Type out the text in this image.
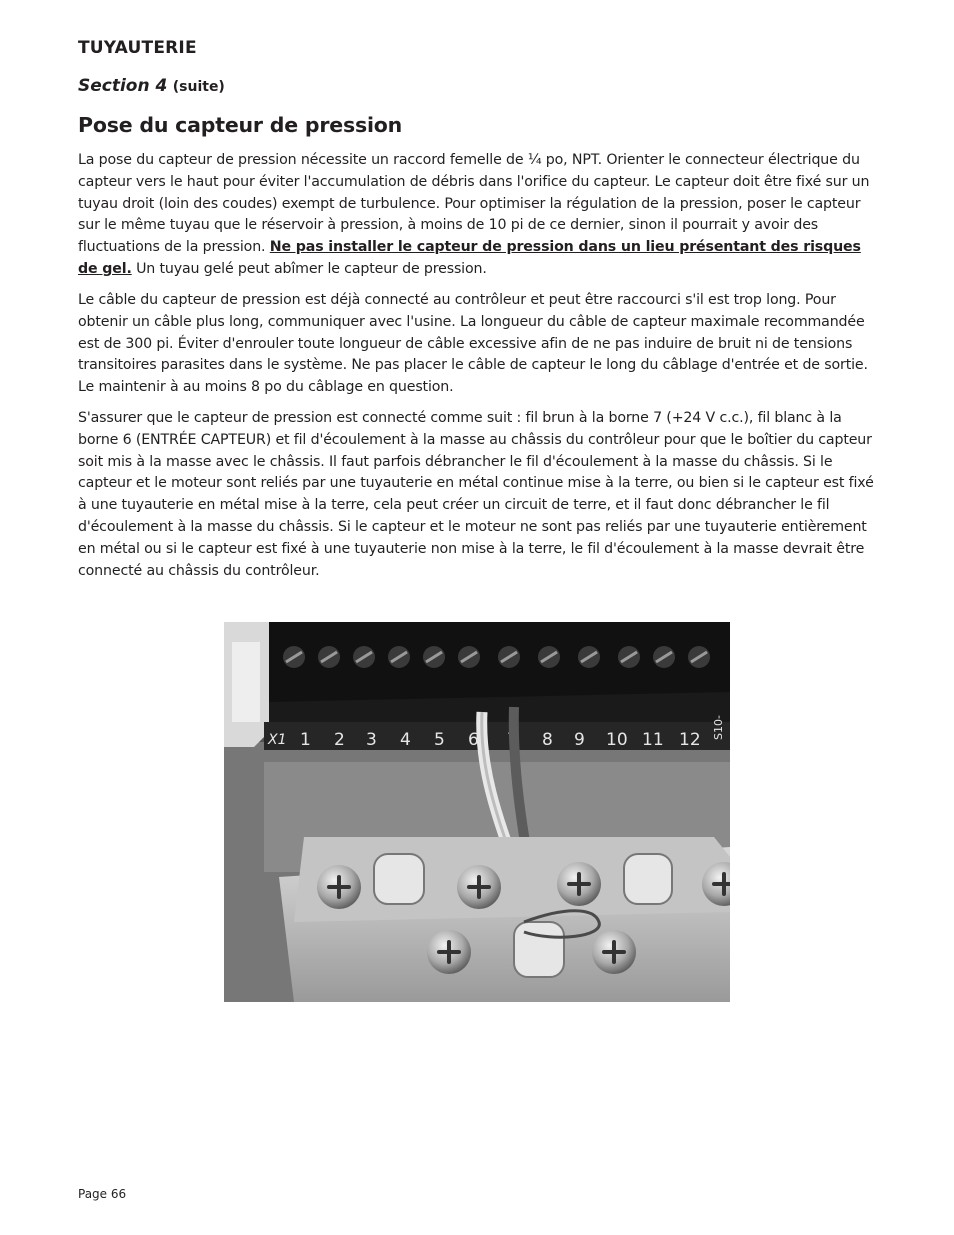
TUYAUTERIE
Section 4 (suite)
Pose du capteur de pression
La pose du capteur de pression nécessite un raccord femelle de ¼ po, NPT. Orienter le connecteur électrique du capteur vers le haut pour éviter l'accumulation de débris dans l'orifice du capteur. Le capteur doit être fixé sur un tuyau droit (loin des coudes) exempt de turbulence. Pour optimiser la régulation de la pression, poser le capteur sur le même tuyau que le réservoir à pression, à moins de 10 pi de ce dernier, sinon il pourrait y avoir des fluctuations de la pression. Ne pas installer le capteur de pression dans un lieu présentant des risques de gel. Un tuyau gelé peut abîmer le capteur de pression.
Le câble du capteur de pression est déjà connecté au contrôleur et peut être raccourci s'il est trop long. Pour obtenir un câble plus long, communiquer avec l'usine. La longueur du câble de capteur maximale recommandée est de 300 pi. Éviter d'enrouler toute longueur de câble excessive afin de ne pas induire de bruit ni de tensions transitoires parasites dans le système. Ne pas placer le câble de capteur le long du câblage d'entrée et de sortie. Le maintenir à au moins 8 po du câblage en question.
S'assurer que le capteur de pression est connecté comme suit : fil brun à la borne 7 (+24 V c.c.), fil blanc à la borne 6 (ENTRÉE CAPTEUR) et fil d'écoulement à la masse au châssis du contrôleur pour que le boîtier du capteur soit mis à la masse avec le châssis. Il faut parfois débrancher le fil d'écoulement à la masse du châssis. Si le capteur et le moteur sont reliés par une tuyauterie en métal continue mise à la terre, ou bien si le capteur est fixé à une tuyauterie en métal mise à la terre, cela peut créer un circuit de terre, et il faut donc débrancher le fil d'écoulement à la masse du châssis. Si le capteur et le moteur ne sont pas reliés par une tuyauterie entièrement en métal ou si le capteur est fixé à une tuyauterie non mise à la terre, le fil d'écoulement à la masse devrait être connecté au châssis du contrôleur.
X1 1 2 3 4 5 6 7 8 9 10 11 12 S10-
Page 66
